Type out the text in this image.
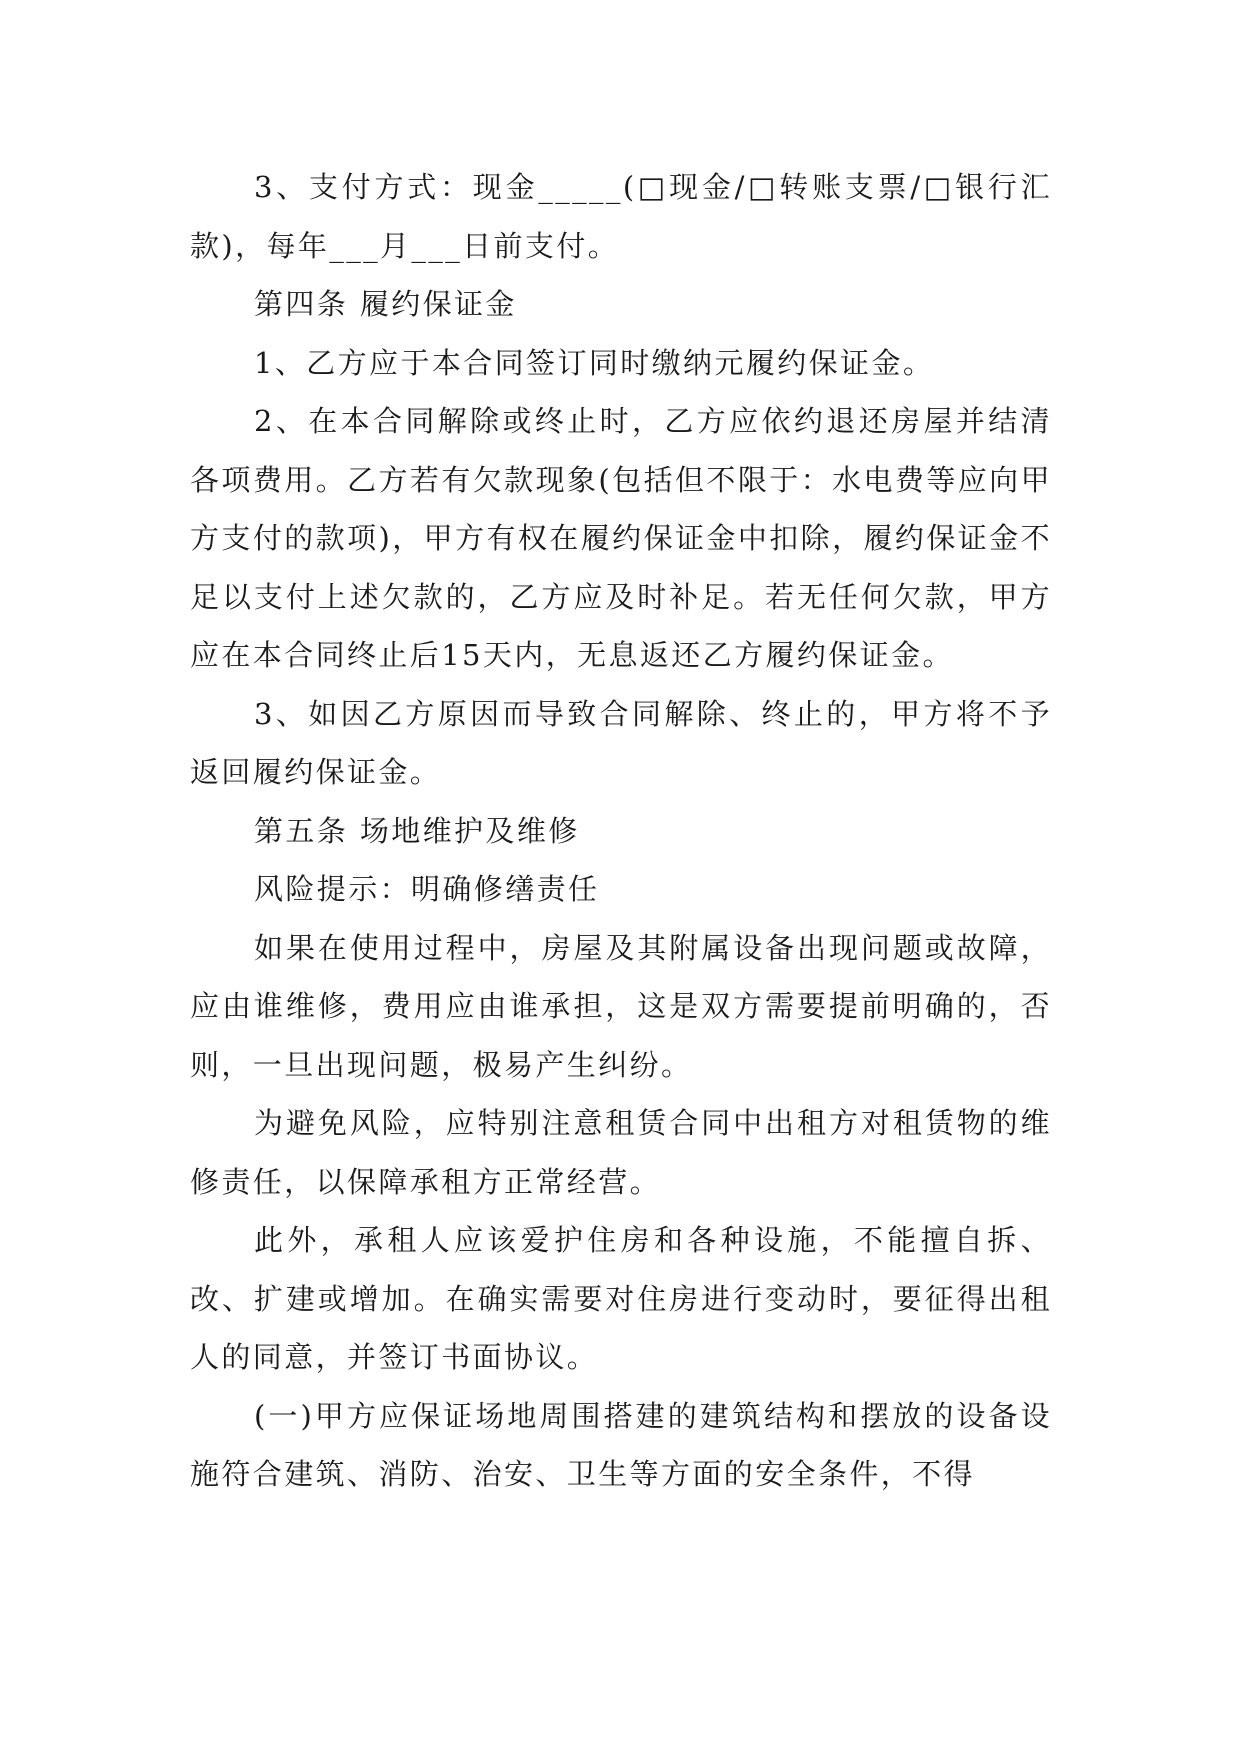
3、支付方式：现金_____(□现金/□转账支票/□银行汇款)，每年___月___日前支付。

第四条 履约保证金

1、乙方应于本合同签订同时缴纳元履约保证金。

2、在本合同解除或终止时，乙方应依约退还房屋并结清各项费用。乙方若有欠款现象(包括但不限于：水电费等应向甲方支付的款项)，甲方有权在履约保证金中扣除，履约保证金不足以支付上述欠款的，乙方应及时补足。若无任何欠款，甲方应在本合同终止后15天内，无息返还乙方履约保证金。

3、如因乙方原因而导致合同解除、终止的，甲方将不予返回履约保证金。

第五条 场地维护及维修

风险提示：明确修缮责任

如果在使用过程中，房屋及其附属设备出现问题或故障，应由谁维修，费用应由谁承担，这是双方需要提前明确的，否则，一旦出现问题，极易产生纠纷。

为避免风险，应特别注意租赁合同中出租方对租赁物的维修责任，以保障承租方正常经营。

此外，承租人应该爱护住房和各种设施，不能擅自拆、改、扩建或增加。在确实需要对住房进行变动时，要征得出租人的同意，并签订书面协议。

(一)甲方应保证场地周围搭建的建筑结构和摆放的设备设施符合建筑、消防、治安、卫生等方面的安全条件，不得
